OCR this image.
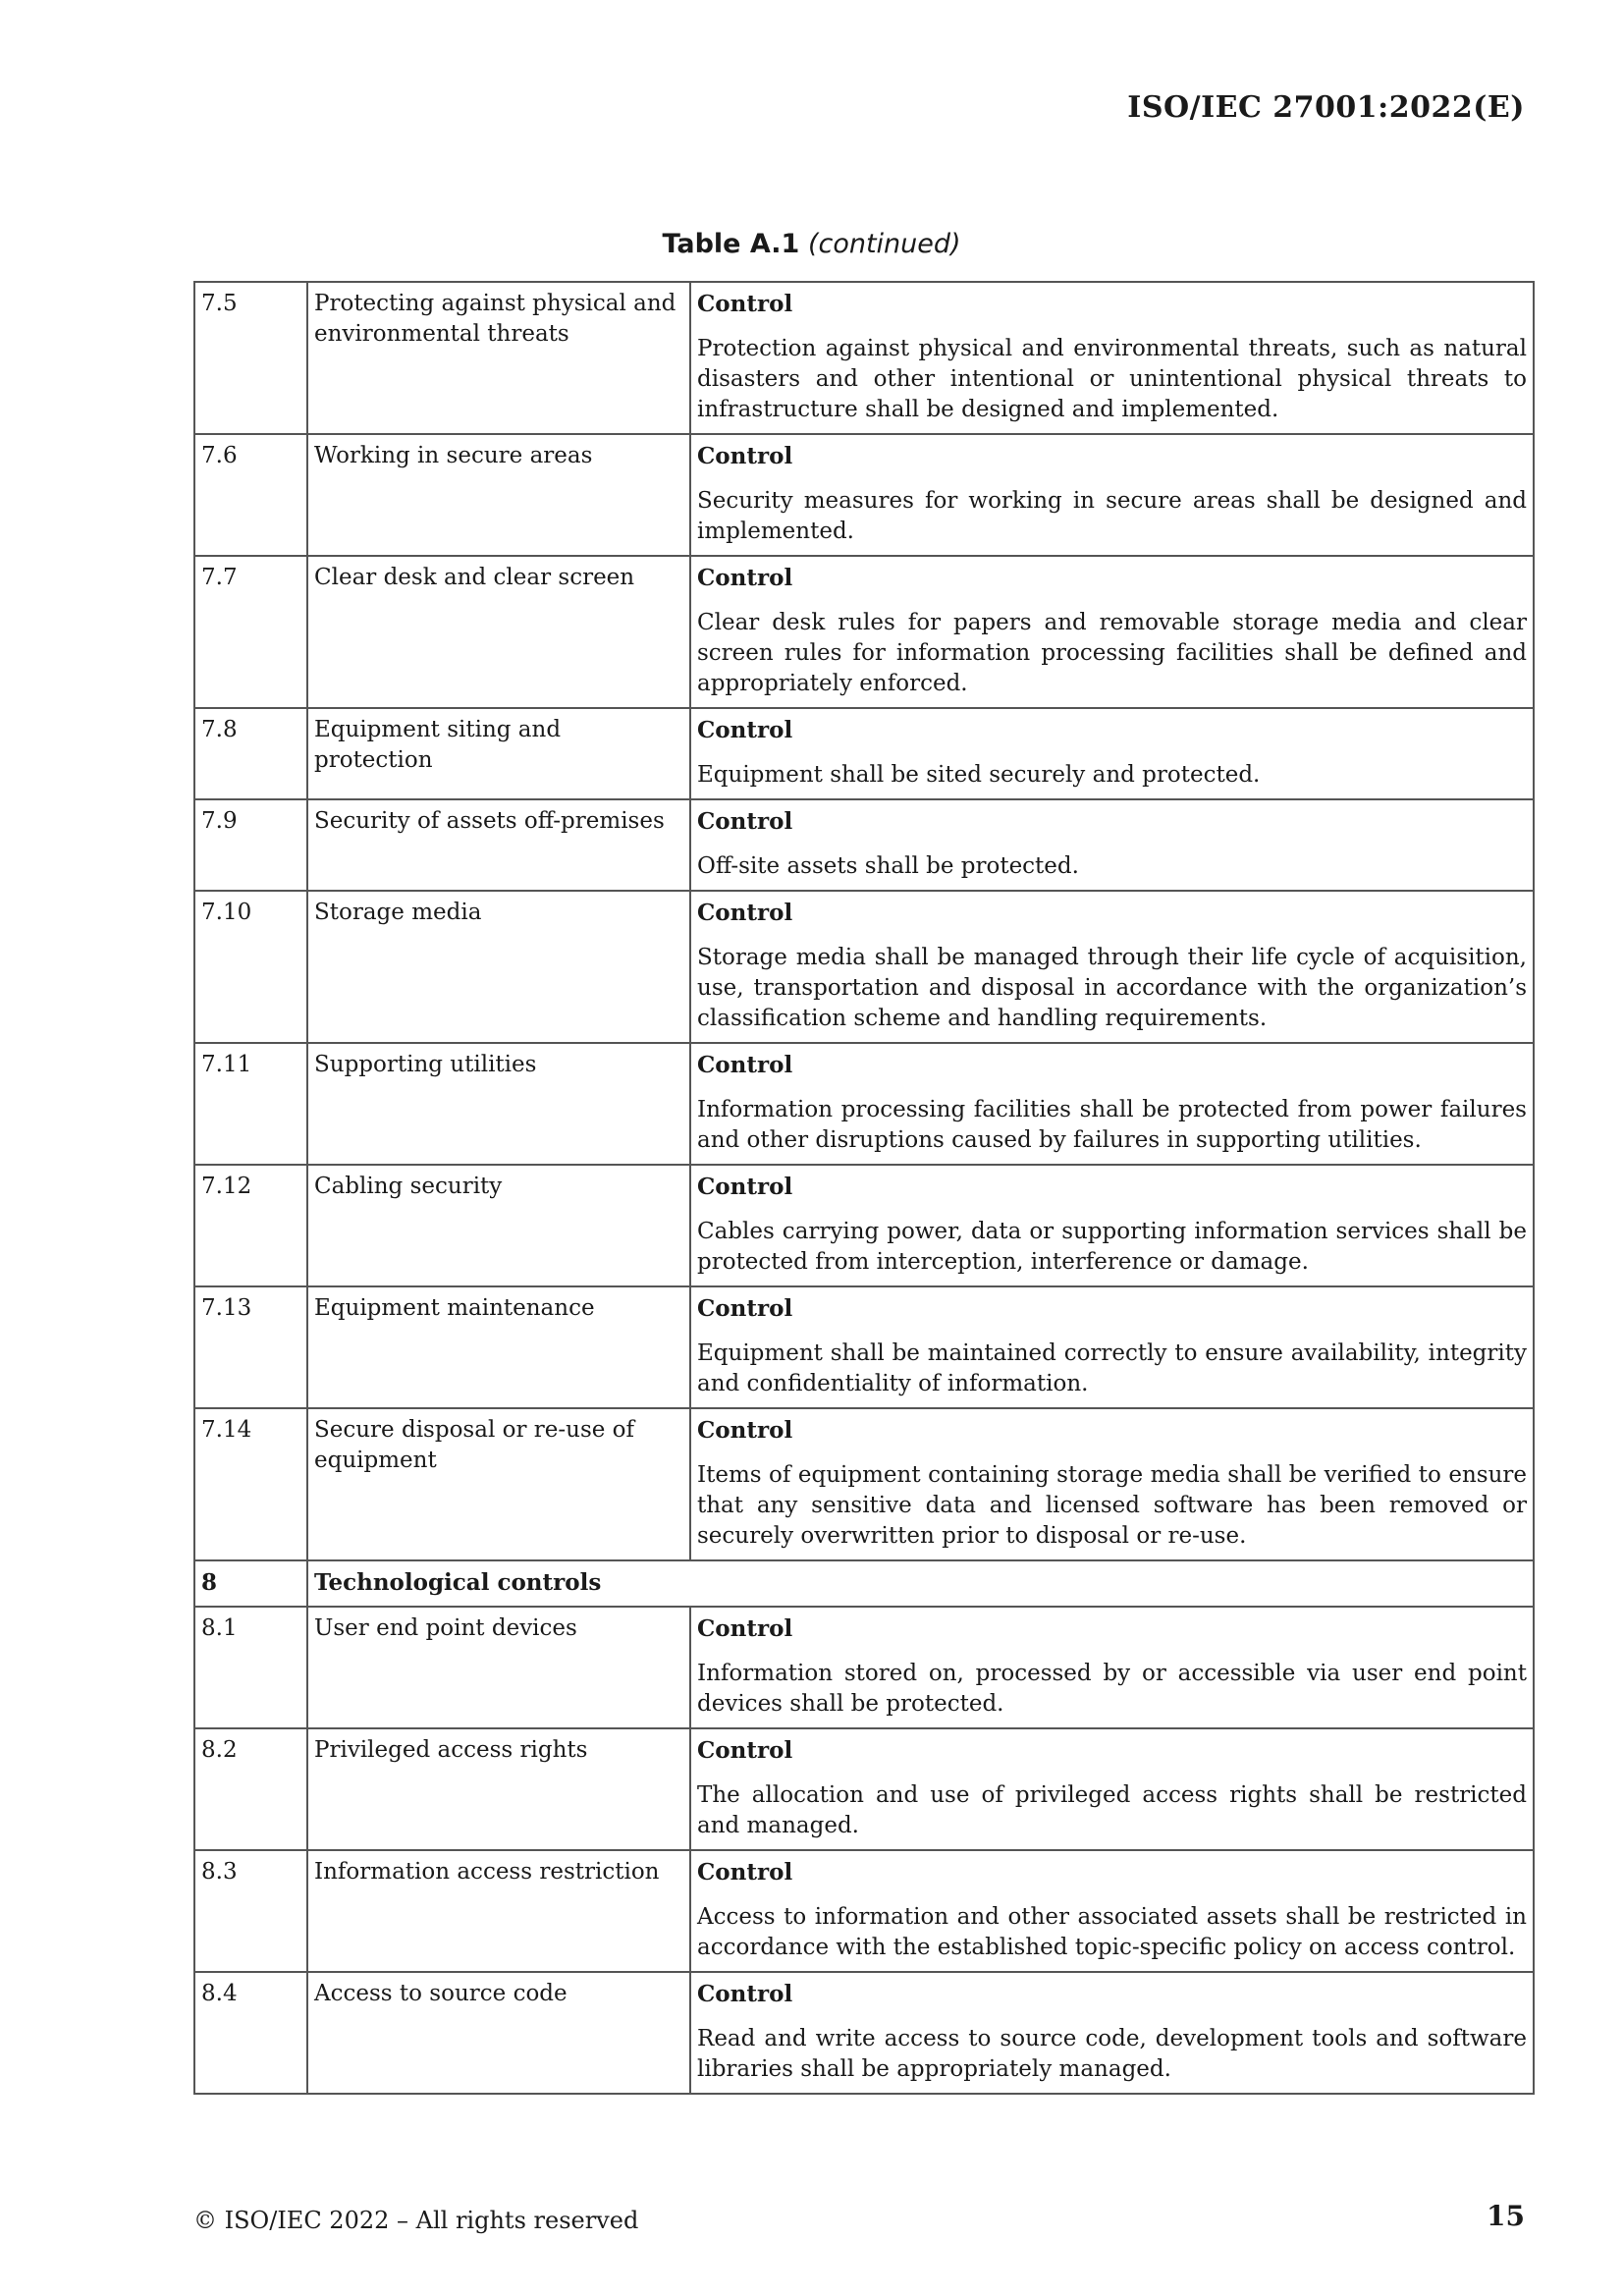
ISO/IEC 27001:2022(E)
Table A.1 (continued)
7.5	Protecting against physical and environmental threats	Control
Protection against physical and environmental threats, such as natural disasters and other intentional or unintentional physical threats to infrastructure shall be designed and implemented.

7.6	Working in secure areas	Control
Security measures for working in secure areas shall be designed and implemented.

7.7	Clear desk and clear screen	Control
Clear desk rules for papers and removable storage media and clear screen rules for information processing facilities shall be defined and appropriately enforced.

7.8	Equipment siting and protection	Control
Equipment shall be sited securely and protected.

7.9	Security of assets off-premises	Control
Off-site assets shall be protected.

7.10	Storage media	Control
Storage media shall be managed through their life cycle of acquisition, use, transportation and disposal in accordance with the organization’s classification scheme and handling requirements.

7.11	Supporting utilities	Control
Information processing facilities shall be protected from power failures and other disruptions caused by failures in supporting utilities.

7.12	Cabling security	Control
Cables carrying power, data or supporting information services shall be protected from interception, interference or damage.

7.13	Equipment maintenance	Control
Equipment shall be maintained correctly to ensure availability, integrity and confidentiality of information.

7.14	Secure disposal or re-use of equipment	Control
Items of equipment containing storage media shall be verified to ensure that any sensitive data and licensed software has been removed or securely overwritten prior to disposal or re-use.

8	Technological controls	
8.1	User end point devices	Control
Information stored on, processed by or accessible via user end point devices shall be protected.

8.2	Privileged access rights	Control
The allocation and use of privileged access rights shall be restricted and managed.

8.3	Information access restriction	Control
Access to information and other associated assets shall be restricted in accordance with the established topic-specific policy on access control.

8.4	Access to source code	Control
Read and write access to source code, development tools and software libraries shall be appropriately managed.
© ISO/IEC 2022 – All rights reserved	15
